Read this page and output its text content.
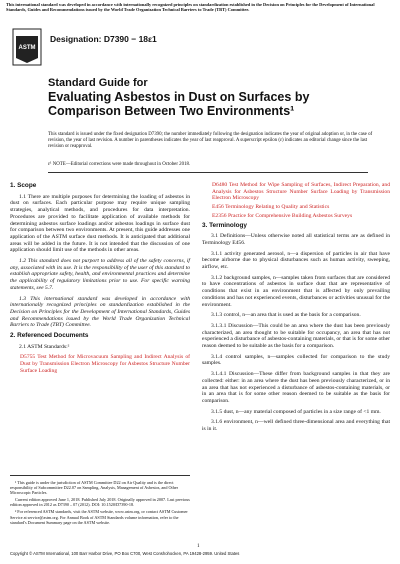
This international standard was developed in accordance with internationally recognized principles on standardization established in the Decision on Principles for the Development of International Standards, Guides and Recommendations issued by the World Trade Organization Technical Barriers to Trade (TBT) Committee.
ASTM
Designation: D7390 − 18ε1
Standard Guide for
Evaluating Asbestos in Dust on Surfaces by Comparison Between Two Environments¹
This standard is issued under the fixed designation D7390; the number immediately following the designation indicates the year of original adoption or, in the case of revision, the year of last revision. A number in parentheses indicates the year of last reapproval. A superscript epsilon (ε) indicates an editorial change since the last revision or reapproval.
ε¹ NOTE—Editorial corrections were made throughout in October 2018.
1. Scope

1.1 There are multiple purposes for determining the loading of asbestos in dust on surfaces. Each particular purpose may require unique sampling strategies, analytical methods, and procedures for data interpretation. Procedures are provided to facilitate application of available methods for determining asbestos surface loadings and/or asbestos loadings in surface dust for comparison between two environments. At present, this guide addresses one application of the ASTM surface dust methods. It is anticipated that additional areas will be added in the future. It is not intended that the discussion of one application should limit use of the methods in other areas.

1.2 This standard does not purport to address all of the safety concerns, if any, associated with its use. It is the responsibility of the user of this standard to establish appropriate safety, health, and environmental practices and determine the applicability of regulatory limitations prior to use. For specific warning statements, see 5.7.

1.3 This international standard was developed in accordance with internationally recognized principles on standardization established in the Decision on Principles for the Development of International Standards, Guides and Recommendations issued by the World Trade Organization Technical Barriers to Trade (TBT) Committee.

2. Referenced Documents

2.1 ASTM Standards:²

D5755 Test Method for Microvacuum Sampling and Indirect Analysis of Dust by Transmission Electron Microscopy for Asbestos Structure Number Surface Loading

D6480 Test Method for Wipe Sampling of Surfaces, Indirect Preparation, and Analysis for Asbestos Structure Number Surface Loading by Transmission Electron Microscopy

E456 Terminology Relating to Quality and Statistics

E2356 Practice for Comprehensive Building Asbestos Surveys

3. Terminology

3.1 Definitions—Unless otherwise noted all statistical terms are as defined in Terminology E456.

3.1.1 activity generated aerosol, n—a dispersion of particles in air that have become airborne due to physical disturbances such as human activity, sweeping, airflow, etc.

3.1.2 background samples, n—samples taken from surfaces that are considered to have concentrations of asbestos in surface dust that are representative of conditions that exist in an environment that is affected by only prevailing conditions and has not experienced events, disturbances or activities unusual for the environment.

3.1.3 control, n—an area that is used as the basis for a comparison.

3.1.3.1 Discussion—This could be an area where the dust has been previously characterized, an area thought to be suitable for occupancy, an area that has not experienced a disturbance of asbestos-containing materials, or that is for some other reason deemed to be suitable as the basis for a comparison.

3.1.4 control samples, n—samples collected for comparison to the study samples.

3.1.4.1 Discussion—These differ from background samples in that they are collected: either: in an area where the dust has been previously characterized, or in an area that has not experienced a disturbance of asbestos-containing materials, or in an area that is for some other reason deemed to be suitable as the basis for comparison.

3.1.5 dust, n—any material composed of particles in a size range of <1 mm.

3.1.6 environment, n—well defined three-dimensional area and everything that is in it.

¹ This guide is under the jurisdiction of ASTM Committee D22 on Air Quality and is the direct responsibility of Subcommittee D22.07 on Sampling, Analysis, Management of Asbestos, and Other Microscopic Particles.

Current edition approved June 1, 2018. Published July 2018. Originally approved in 2007. Last previous edition approved in 2012 as D7390 – 07 (2012). DOI: 10.1520/D7390-18.

² For referenced ASTM standards, visit the ASTM website, www.astm.org, or contact ASTM Customer Service at service@astm.org. For Annual Book of ASTM Standards volume information, refer to the standard's Document Summary page on the ASTM website.

1
Copyright © ASTM International, 100 Barr Harbor Drive, PO Box C700, West Conshohocken, PA 19428-2959. United States
